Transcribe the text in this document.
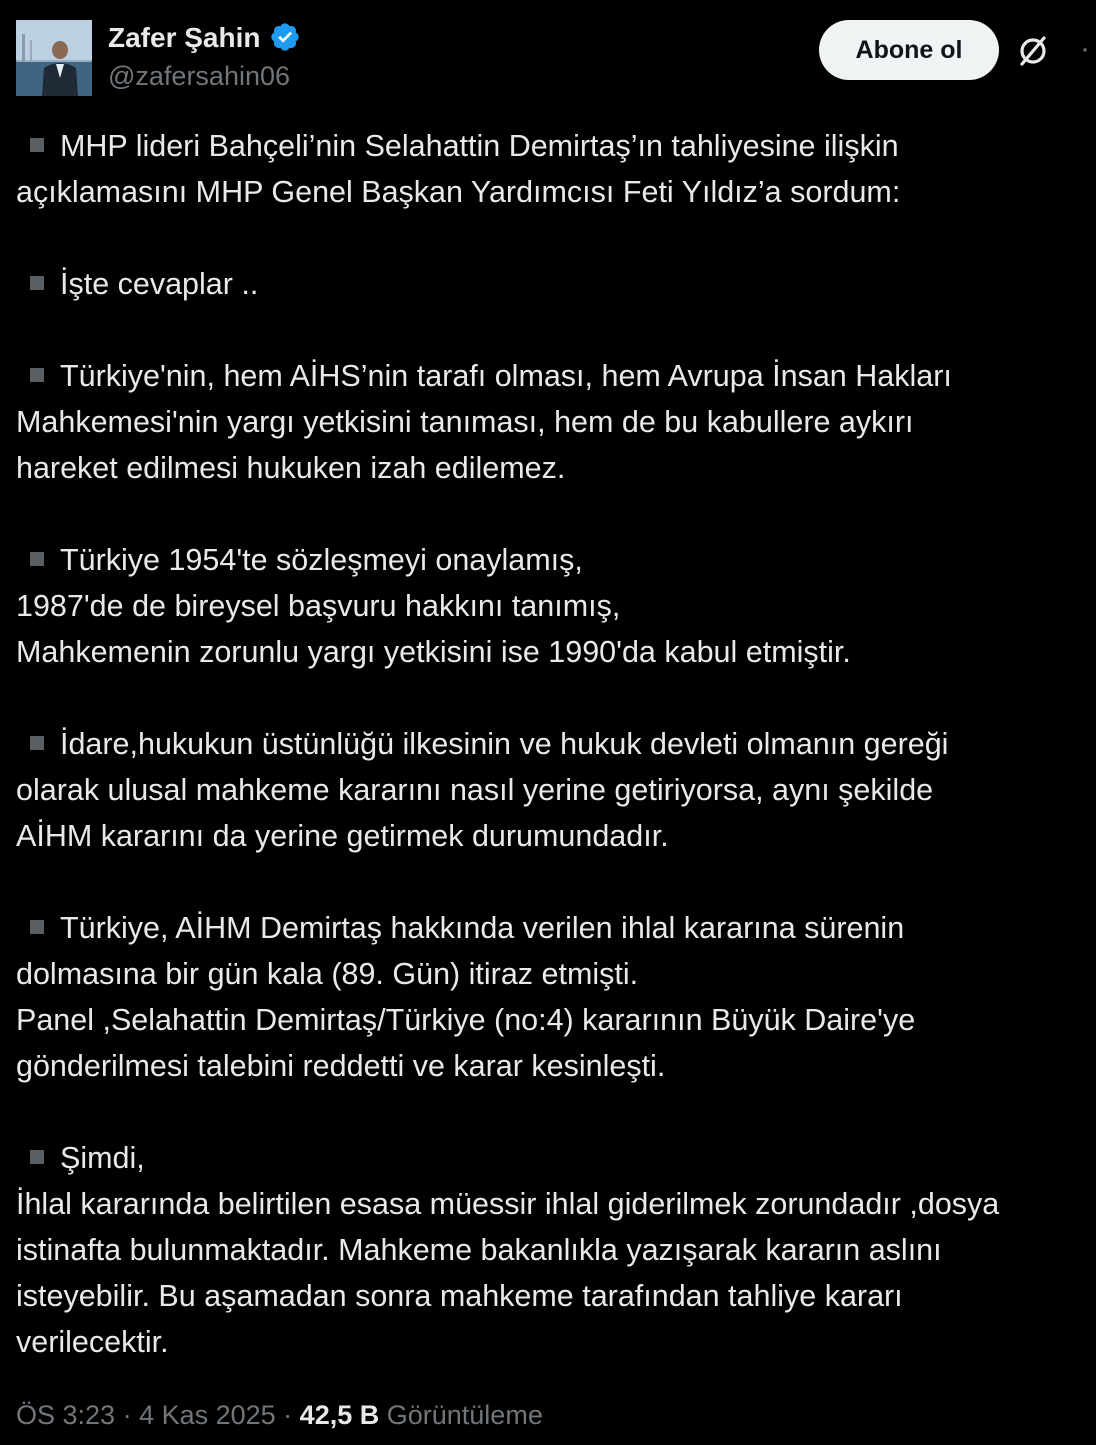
Zafer Şahin
@zafersahin06
Abone ol	·
MHP lideri Bahçeli’nin Selahattin Demirtaş’ın tahliyesine ilişkin
açıklamasını MHP Genel Başkan Yardımcısı Feti Yıldız’a sordum:
İşte cevaplar ..
Türkiye'nin, hem AİHS’nin tarafı olması, hem Avrupa İnsan Hakları
Mahkemesi'nin yargı yetkisini tanıması, hem de bu kabullere aykırı
hareket edilmesi hukuken izah edilemez.
Türkiye 1954'te sözleşmeyi onaylamış,
1987'de de bireysel başvuru hakkını tanımış,
Mahkemenin zorunlu yargı yetkisini ise 1990'da kabul etmiştir.
İdare,hukukun üstünlüğü ilkesinin ve hukuk devleti olmanın gereği
olarak ulusal mahkeme kararını nasıl yerine getiriyorsa, aynı şekilde
AİHM kararını da yerine getirmek durumundadır.
Türkiye, AİHM Demirtaş hakkında verilen ihlal kararına sürenin
dolmasına bir gün kala (89. Gün) itiraz etmişti.
Panel ,Selahattin Demirtaş/Türkiye (no:4) kararının Büyük Daire'ye
gönderilmesi talebini reddetti ve karar kesinleşti.
Şimdi,
İhlal kararında belirtilen esasa müessir ihlal giderilmek zorundadır ,dosya
istinafta bulunmaktadır. Mahkeme bakanlıkla yazışarak kararın aslını
isteyebilir. Bu aşamadan sonra mahkeme tarafından tahliye kararı
verilecektir.
ÖS 3:23 · 4 Kas 2025 · 42,5 B Görüntüleme
